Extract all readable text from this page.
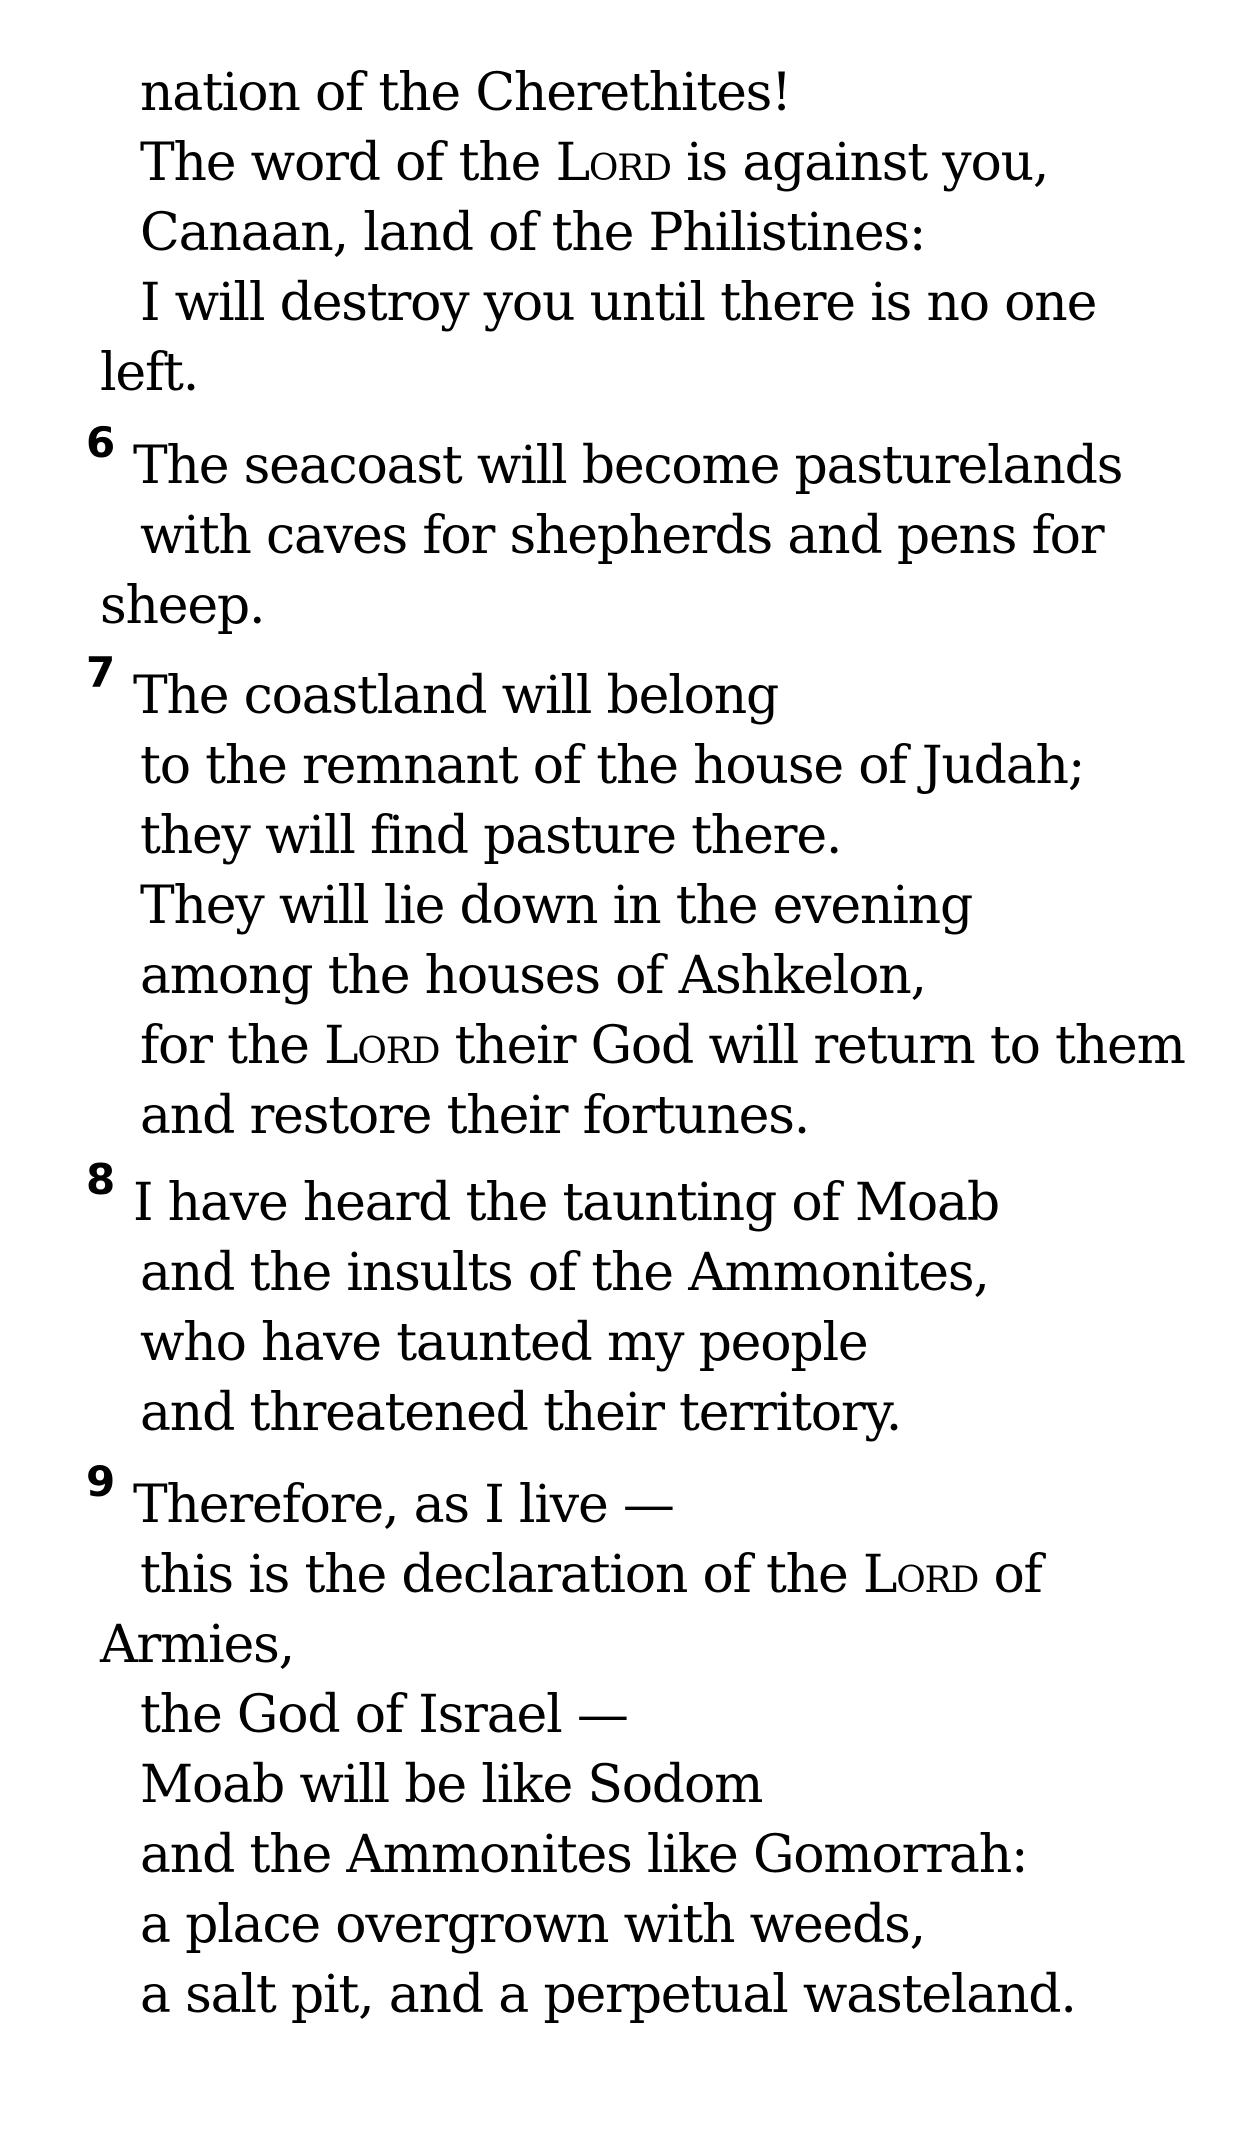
nation of the Cherethites!
The word of the Lord is against you,
Canaan, land of the Philistines:
I will destroy you until there is no one
left.
6 The seacoast will become pasturelands
with caves for shepherds and pens for
sheep.
7 The coastland will belong
to the remnant of the house of Judah;
they will find pasture there.
They will lie down in the evening
among the houses of Ashkelon,
for the Lord their God will return to them
and restore their fortunes.
8 I have heard the taunting of Moab
and the insults of the Ammonites,
who have taunted my people
and threatened their territory.
9 Therefore, as I live —
this is the declaration of the Lord of
Armies,
the God of Israel —
Moab will be like Sodom
and the Ammonites like Gomorrah:
a place overgrown with weeds,
a salt pit, and a perpetual wasteland.
